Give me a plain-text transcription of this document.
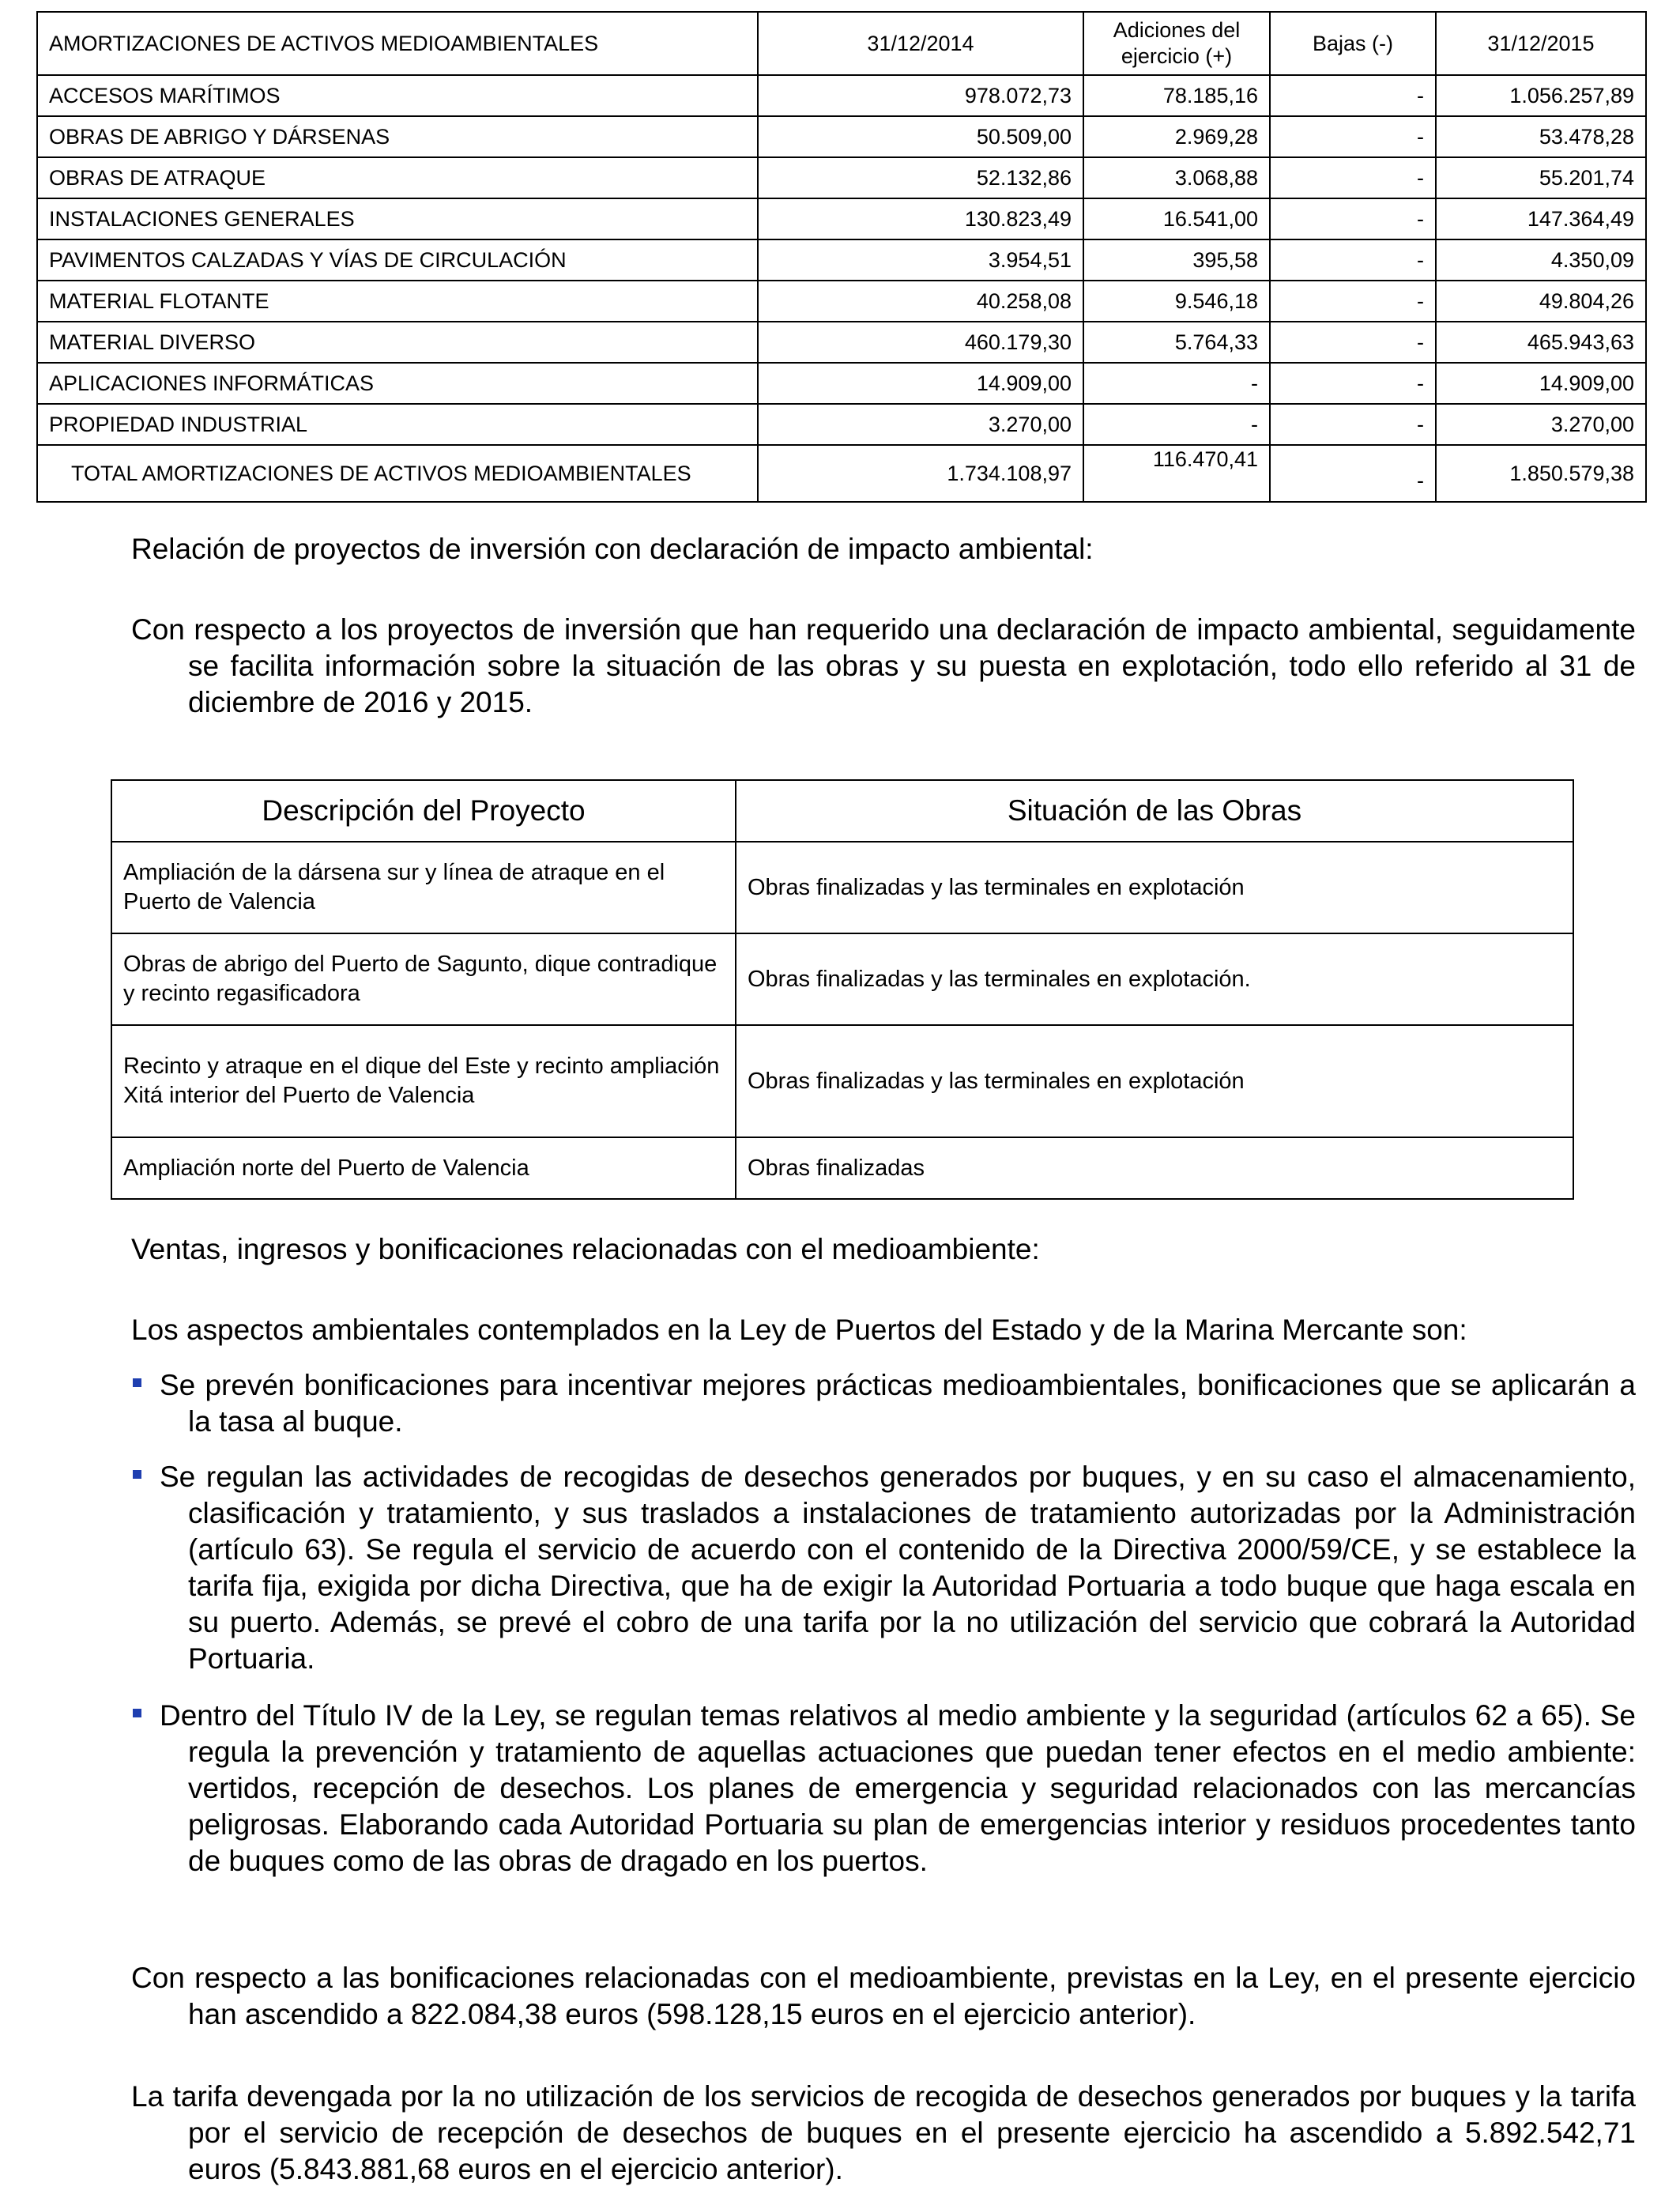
AMORTIZACIONES DE ACTIVOS MEDIOAMBIENTALES	31/12/2014	Adiciones del ejercicio (+)	Bajas (-)	31/12/2015
ACCESOS MARÍTIMOS	978.072,73	78.185,16	-	1.056.257,89
OBRAS DE ABRIGO Y DÁRSENAS	50.509,00	2.969,28	-	53.478,28
OBRAS DE ATRAQUE	52.132,86	3.068,88	-	55.201,74
INSTALACIONES GENERALES	130.823,49	16.541,00	-	147.364,49
PAVIMENTOS CALZADAS Y VÍAS DE CIRCULACIÓN	3.954,51	395,58	-	4.350,09
MATERIAL FLOTANTE	40.258,08	9.546,18	-	49.804,26
MATERIAL DIVERSO	460.179,30	5.764,33	-	465.943,63
APLICACIONES INFORMÁTICAS	14.909,00	-	-	14.909,00
PROPIEDAD INDUSTRIAL	3.270,00	-	-	3.270,00
TOTAL AMORTIZACIONES DE ACTIVOS MEDIOAMBIENTALES	1.734.108,97	116.470,41	-	1.850.579,38
Relación de proyectos de inversión con declaración de impacto ambiental:
Con respecto a los proyectos de inversión que han requerido una declaración de impacto ambiental, seguidamente se facilita información sobre la situación de las obras y su puesta en explotación, todo ello referido al 31 de diciembre de 2016 y 2015.
Descripción del Proyecto	Situación de las Obras
Ampliación de la dársena sur y línea de atraque en el Puerto de Valencia	Obras finalizadas y las terminales en explotación
Obras de abrigo del Puerto de Sagunto, dique contradique y recinto regasificadora	Obras finalizadas y las terminales en explotación.
Recinto y atraque en el dique del Este y recinto ampliación Xitá interior del Puerto de Valencia	Obras finalizadas y las terminales en explotación
Ampliación norte del Puerto de Valencia	Obras finalizadas
Ventas, ingresos y bonificaciones relacionadas con el medioambiente:
Los aspectos ambientales contemplados en la Ley de Puertos del Estado y de la Marina Mercante son:
Se prevén bonificaciones para incentivar mejores prácticas medioambientales, bonificaciones que se aplicarán a la tasa al buque.
Se regulan las actividades de recogidas de desechos generados por buques, y en su caso el almacenamiento, clasificación y tratamiento, y sus traslados a instalaciones de tratamiento autorizadas por la Administración (artículo 63). Se regula el servicio de acuerdo con el contenido de la Directiva 2000/59/CE, y se establece la tarifa fija, exigida por dicha Directiva, que ha de exigir la Autoridad Portuaria a todo buque que haga escala en su puerto. Además, se prevé el cobro de una tarifa por la no utilización del servicio que cobrará la Autoridad Portuaria.
Dentro del Título IV de la Ley, se regulan temas relativos al medio ambiente y la seguridad (artículos 62 a 65). Se regula la prevención y tratamiento de aquellas actuaciones que puedan tener efectos en el medio ambiente: vertidos, recepción de desechos. Los planes de emergencia y seguridad relacionados con las mercancías peligrosas. Elaborando cada Autoridad Portuaria su plan de emergencias interior y residuos procedentes tanto de buques como de las obras de dragado en los puertos.
Con respecto a las bonificaciones relacionadas con el medioambiente, previstas en la Ley, en el presente ejercicio han ascendido a 822.084,38 euros (598.128,15 euros en el ejercicio anterior).
La tarifa devengada por la no utilización de los servicios de recogida de desechos generados por buques y la tarifa por el servicio de recepción de desechos de buques en el presente ejercicio ha ascendido a 5.892.542,71 euros (5.843.881,68 euros en el ejercicio anterior).
